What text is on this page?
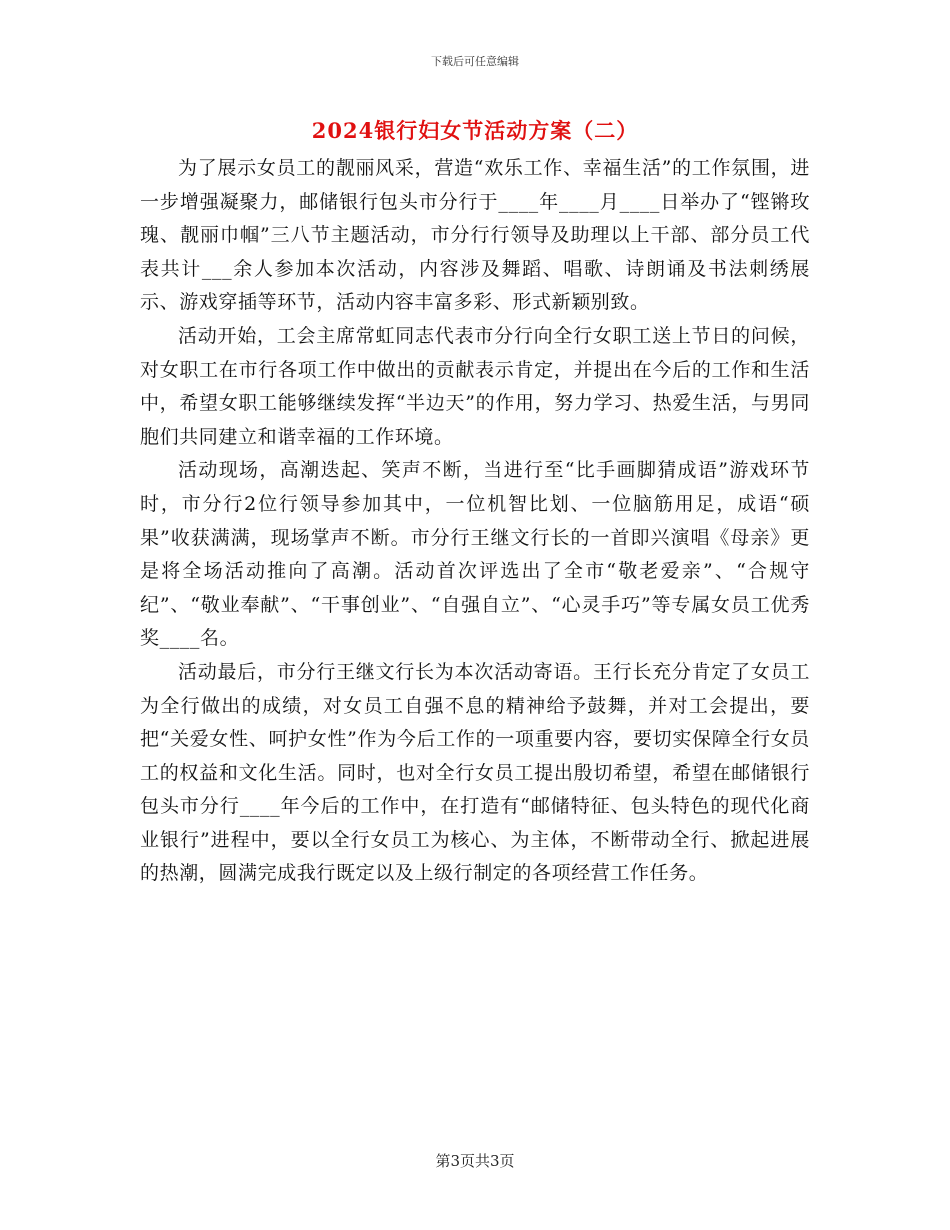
下载后可任意编辑
2024银行妇女节活动方案（二）

为了展示女员工的靓丽风采，营造“欢乐工作、幸福生活”的工作氛围，进一步增强凝聚力，邮储银行包头市分行于____年____月____日举办了“铿锵玫瑰、靓丽巾帼”三八节主题活动，市分行行领导及助理以上干部、部分员工代表共计___余人参加本次活动，内容涉及舞蹈、唱歌、诗朗诵及书法刺绣展示、游戏穿插等环节，活动内容丰富多彩、形式新颖别致。

活动开始，工会主席常虹同志代表市分行向全行女职工送上节日的问候，对女职工在市行各项工作中做出的贡献表示肯定，并提出在今后的工作和生活中，希望女职工能够继续发挥“半边天”的作用，努力学习、热爱生活，与男同胞们共同建立和谐幸福的工作环境。

活动现场，高潮迭起、笑声不断，当进行至“比手画脚猜成语”游戏环节时，市分行2位行领导参加其中，一位机智比划、一位脑筋用足，成语“硕果”收获满满，现场掌声不断。市分行王继文行长的一首即兴演唱《母亲》更是将全场活动推向了高潮。活动首次评选出了全市“敬老爱亲”、“合规守纪”、“敬业奉献”、“干事创业”、“自强自立”、“心灵手巧”等专属女员工优秀奖____名。

活动最后，市分行王继文行长为本次活动寄语。王行长充分肯定了女员工为全行做出的成绩，对女员工自强不息的精神给予鼓舞，并对工会提出，要把“关爱女性、呵护女性”作为今后工作的一项重要内容，要切实保障全行女员工的权益和文化生活。同时，也对全行女员工提出殷切希望，希望在邮储银行包头市分行____年今后的工作中，在打造有“邮储特征、包头特色的现代化商业银行”进程中，要以全行女员工为核心、为主体，不断带动全行、掀起进展的热潮，圆满完成我行既定以及上级行制定的各项经营工作任务。

第3页共3页
